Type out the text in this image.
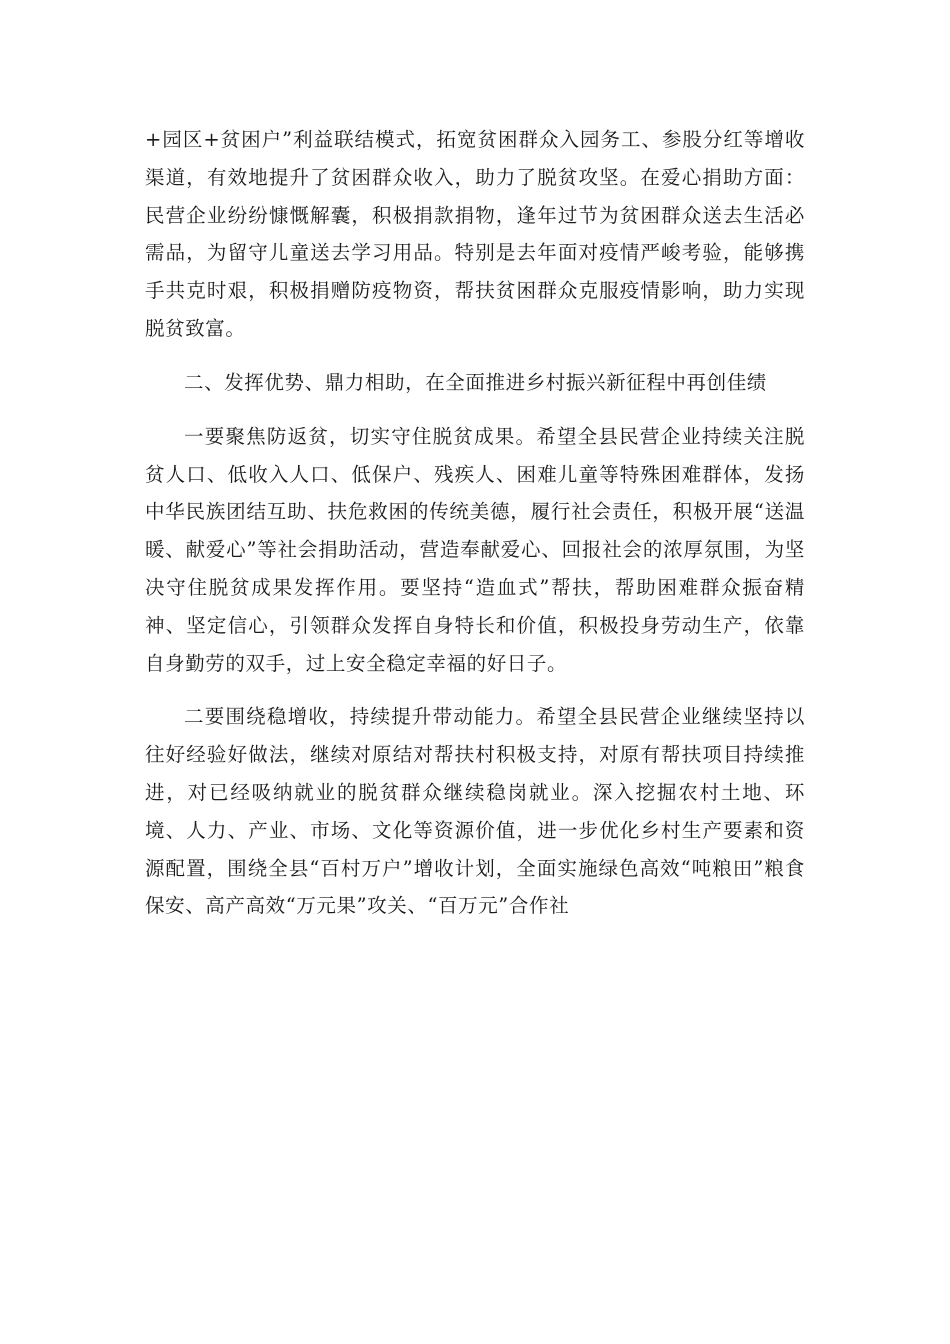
+园区+贫困户”利益联结模式，拓宽贫困群众入园务工、参股分红等增收渠道，有效地提升了贫困群众收入，助力了脱贫攻坚。在爱心捐助方面：民营企业纷纷慷慨解囊，积极捐款捐物，逢年过节为贫困群众送去生活必需品，为留守儿童送去学习用品。特别是去年面对疫情严峻考验，能够携手共克时艰，积极捐赠防疫物资，帮扶贫困群众克服疫情影响，助力实现脱贫致富。

二、发挥优势、鼎力相助，在全面推进乡村振兴新征程中再创佳绩

一要聚焦防返贫，切实守住脱贫成果。希望全县民营企业持续关注脱贫人口、低收入人口、低保户、残疾人、困难儿童等特殊困难群体，发扬中华民族团结互助、扶危救困的传统美德，履行社会责任，积极开展“送温暖、献爱心”等社会捐助活动，营造奉献爱心、回报社会的浓厚氛围，为坚决守住脱贫成果发挥作用。要坚持“造血式”帮扶，帮助困难群众振奋精神、坚定信心，引领群众发挥自身特长和价值，积极投身劳动生产，依靠自身勤劳的双手，过上安全稳定幸福的好日子。

二要围绕稳增收，持续提升带动能力。希望全县民营企业继续坚持以往好经验好做法，继续对原结对帮扶村积极支持，对原有帮扶项目持续推进，对已经吸纳就业的脱贫群众继续稳岗就业。深入挖掘农村土地、环境、人力、产业、市场、文化等资源价值，进一步优化乡村生产要素和资源配置，围绕全县“百村万户”增收计划，全面实施绿色高效“吨粮田”粮食保安、高产高效“万元果”攻关、“百万元”合作社
